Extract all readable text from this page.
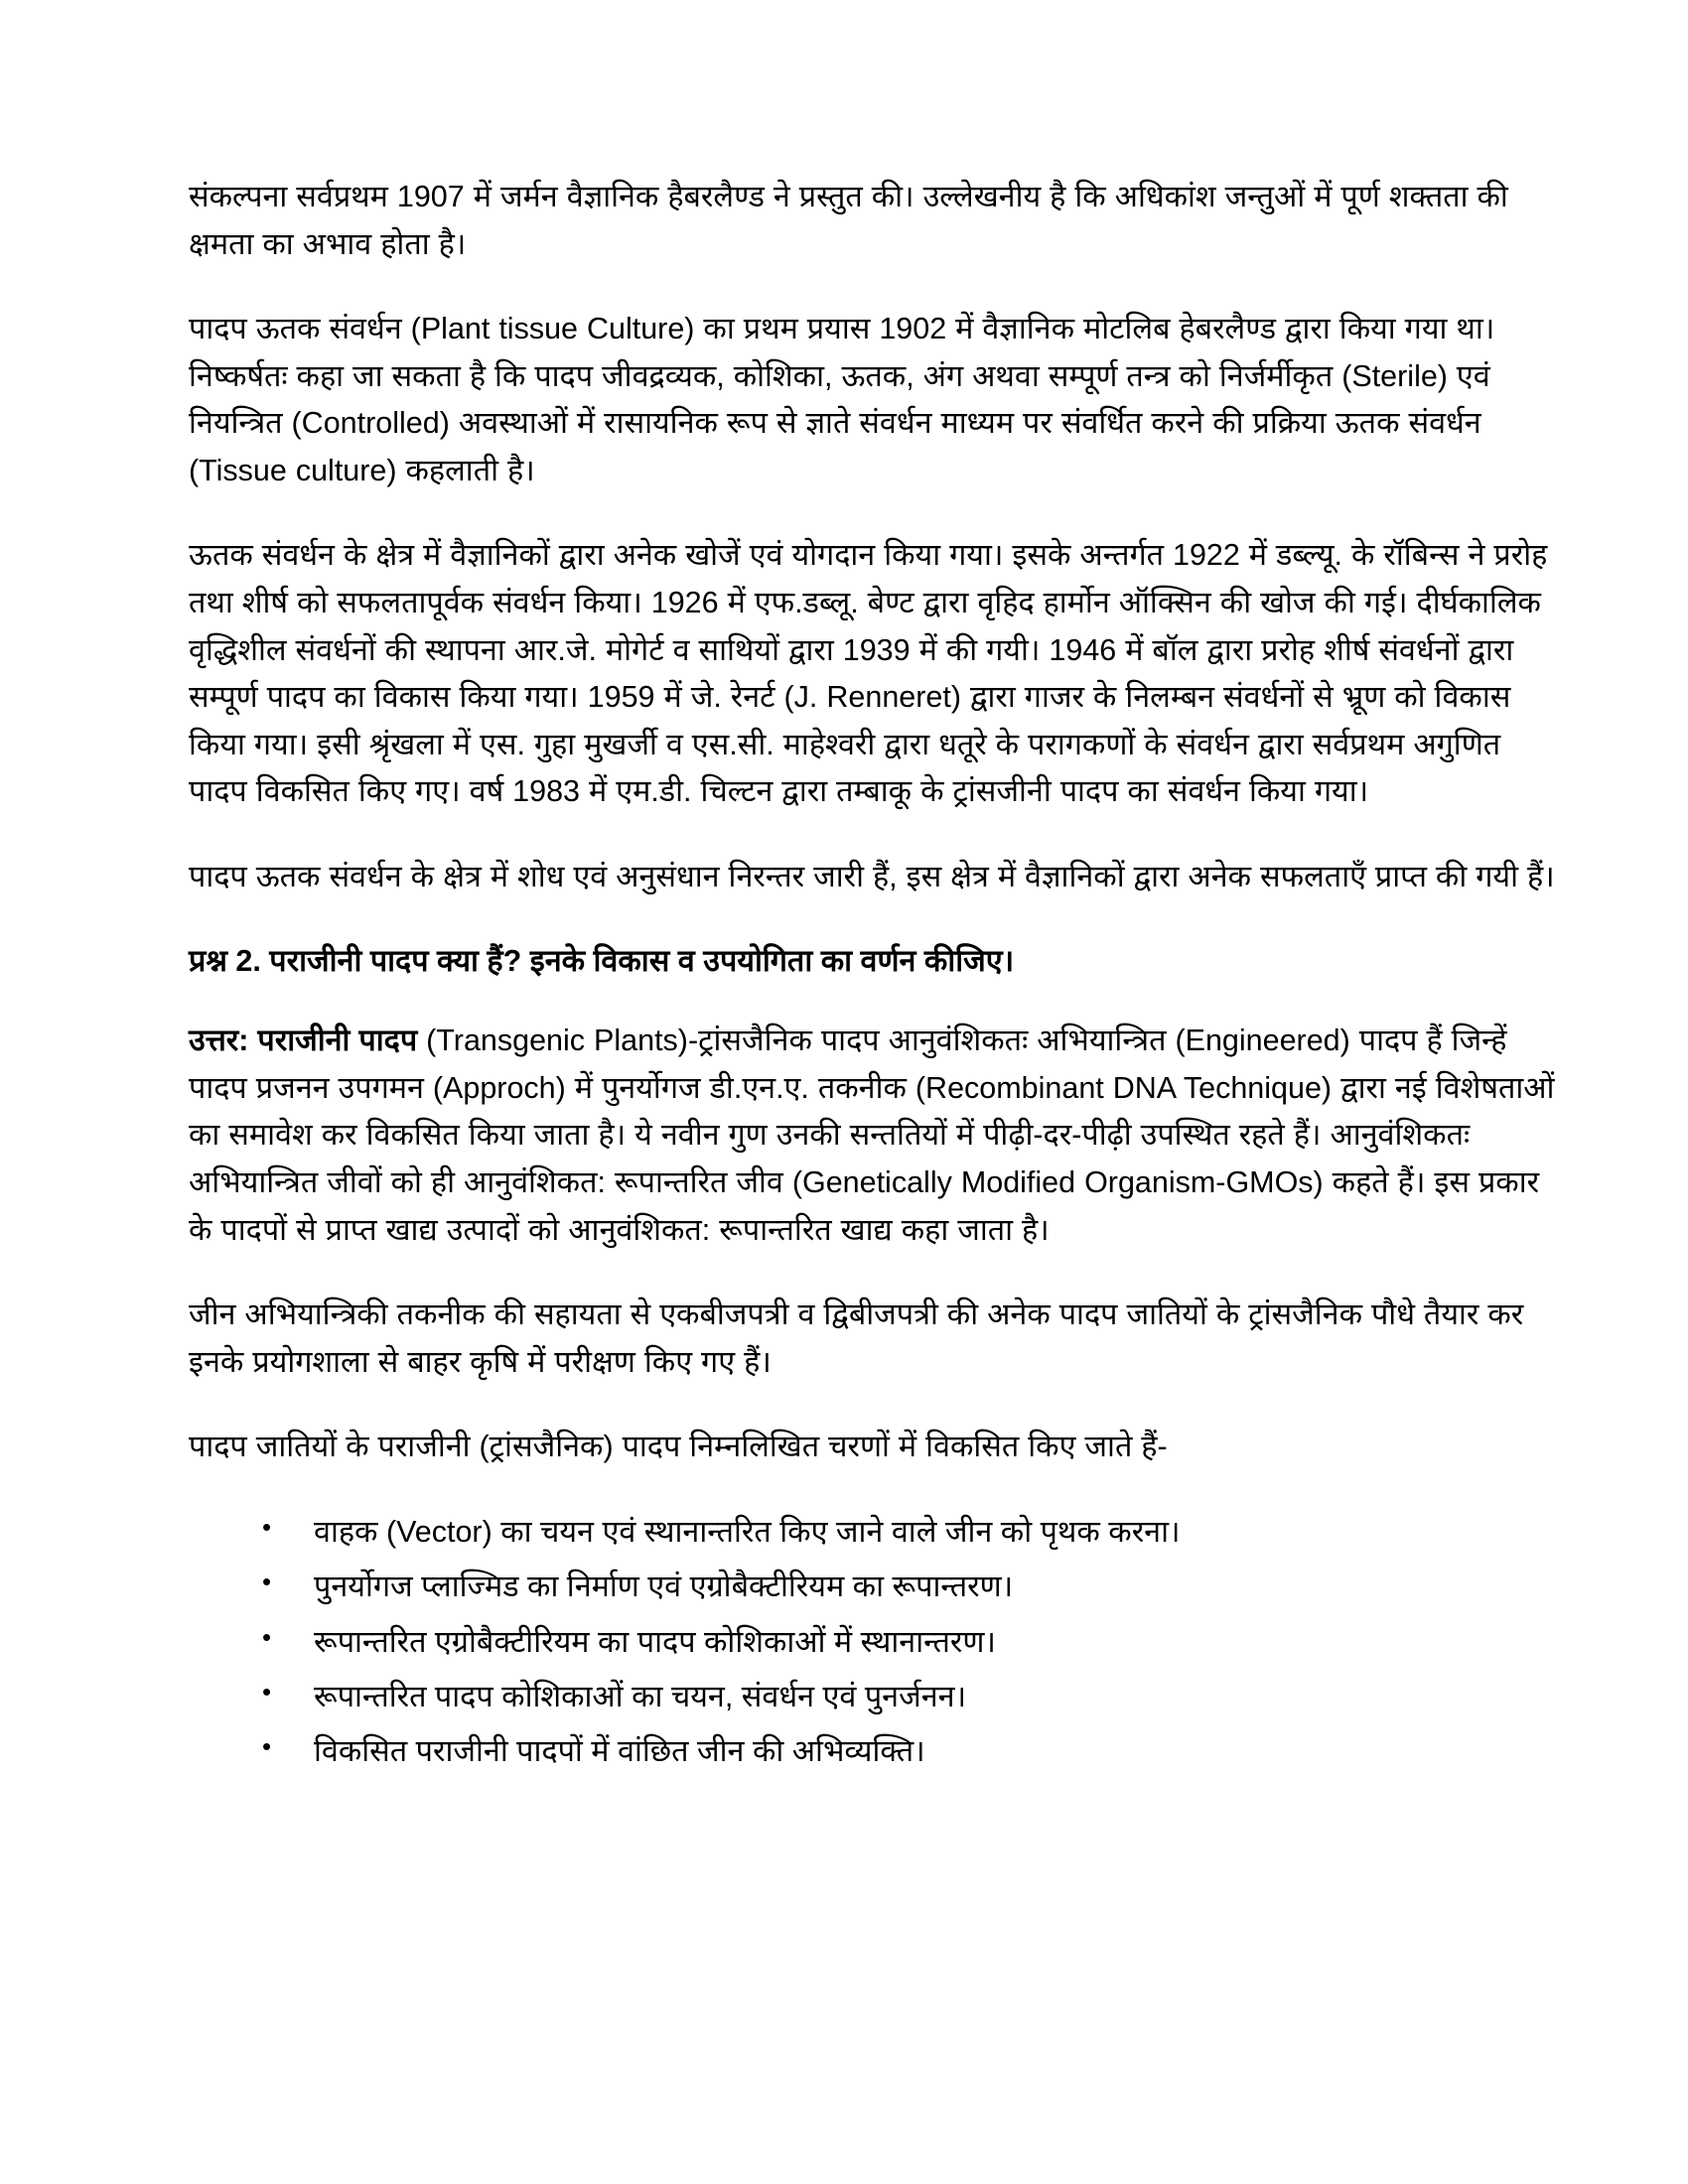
संकल्पना सर्वप्रथम 1907 में जर्मन वैज्ञानिक हैबरलैण्ड ने प्रस्तुत की। उल्लेखनीय है कि अधिकांश जन्तुओं में पूर्ण शक्तता की क्षमता का अभाव होता है।

पादप ऊतक संवर्धन (Plant tissue Culture) का प्रथम प्रयास 1902 में वैज्ञानिक मोटलिब हेबरलैण्ड द्वारा किया गया था। निष्कर्षतः कहा जा सकता है कि पादप जीवद्रव्यक, कोशिका, ऊतक, अंग अथवा सम्पूर्ण तन्त्र को निर्जर्मीकृत (Sterile) एवं नियन्त्रित (Controlled) अवस्थाओं में रासायनिक रूप से ज्ञाते संवर्धन माध्यम पर संवर्धित करने की प्रक्रिया ऊतक संवर्धन (Tissue culture) कहलाती है।

ऊतक संवर्धन के क्षेत्र में वैज्ञानिकों द्वारा अनेक खोजें एवं योगदान किया गया। इसके अन्तर्गत 1922 में डब्ल्यू. के रॉबिन्स ने प्ररोह तथा शीर्ष को सफलतापूर्वक संवर्धन किया। 1926 में एफ.डब्लू. बेण्ट द्वारा वृहिद हार्मोन ऑक्सिन की खोज की गई। दीर्घकालिक वृद्धिशील संवर्धनों की स्थापना आर.जे. मोगेर्ट व साथियों द्वारा 1939 में की गयी। 1946 में बॉल द्वारा प्ररोह शीर्ष संवर्धनों द्वारा सम्पूर्ण पादप का विकास किया गया। 1959 में जे. रेनर्ट (J. Renneret) द्वारा गाजर के निलम्बन संवर्धनों से भ्रूण को विकास किया गया। इसी श्रृंखला में एस. गुहा मुखर्जी व एस.सी. माहेश्वरी द्वारा धतूरे के परागकणों के संवर्धन द्वारा सर्वप्रथम अगुणित पादप विकसित किए गए। वर्ष 1983 में एम.डी. चिल्टन द्वारा तम्बाकू के ट्रांसजीनी पादप का संवर्धन किया गया।

पादप ऊतक संवर्धन के क्षेत्र में शोध एवं अनुसंधान निरन्तर जारी हैं, इस क्षेत्र में वैज्ञानिकों द्वारा अनेक सफलताएँ प्राप्त की गयी हैं।

प्रश्न 2. पराजीनी पादप क्या हैं? इनके विकास व उपयोगिता का वर्णन कीजिए।

उत्तर: पराजीनी पादप (Transgenic Plants)-ट्रांसजैनिक पादप आनुवंशिकतः अभियान्त्रित (Engineered) पादप हैं जिन्हें पादप प्रजनन उपगमन (Approch) में पुनर्योगज डी.एन.ए. तकनीक (Recombinant DNA Technique) द्वारा नई विशेषताओं का समावेश कर विकसित किया जाता है। ये नवीन गुण उनकी सन्ततियों में पीढ़ी-दर-पीढ़ी उपस्थित रहते हैं। आनुवंशिकतः अभियान्त्रित जीवों को ही आनुवंशिकत: रूपान्तरित जीव (Genetically Modified Organism-GMOs) कहते हैं। इस प्रकार के पादपों से प्राप्त खाद्य उत्पादों को आनुवंशिकत: रूपान्तरित खाद्य कहा जाता है।

जीन अभियान्त्रिकी तकनीक की सहायता से एकबीजपत्री व द्विबीजपत्री की अनेक पादप जातियों के ट्रांसजैनिक पौधे तैयार कर इनके प्रयोगशाला से बाहर कृषि में परीक्षण किए गए हैं।

पादप जातियों के पराजीनी (ट्रांसजैनिक) पादप निम्नलिखित चरणों में विकसित किए जाते हैं-

• वाहक (Vector) का चयन एवं स्थानान्तरित किए जाने वाले जीन को पृथक करना।
• पुनर्योगज प्लाज्मिड का निर्माण एवं एग्रोबैक्टीरियम का रूपान्तरण।
• रूपान्तरित एग्रोबैक्टीरियम का पादप कोशिकाओं में स्थानान्तरण।
• रूपान्तरित पादप कोशिकाओं का चयन, संवर्धन एवं पुनर्जनन।
• विकसित पराजीनी पादपों में वांछित जीन की अभिव्यक्ति।
